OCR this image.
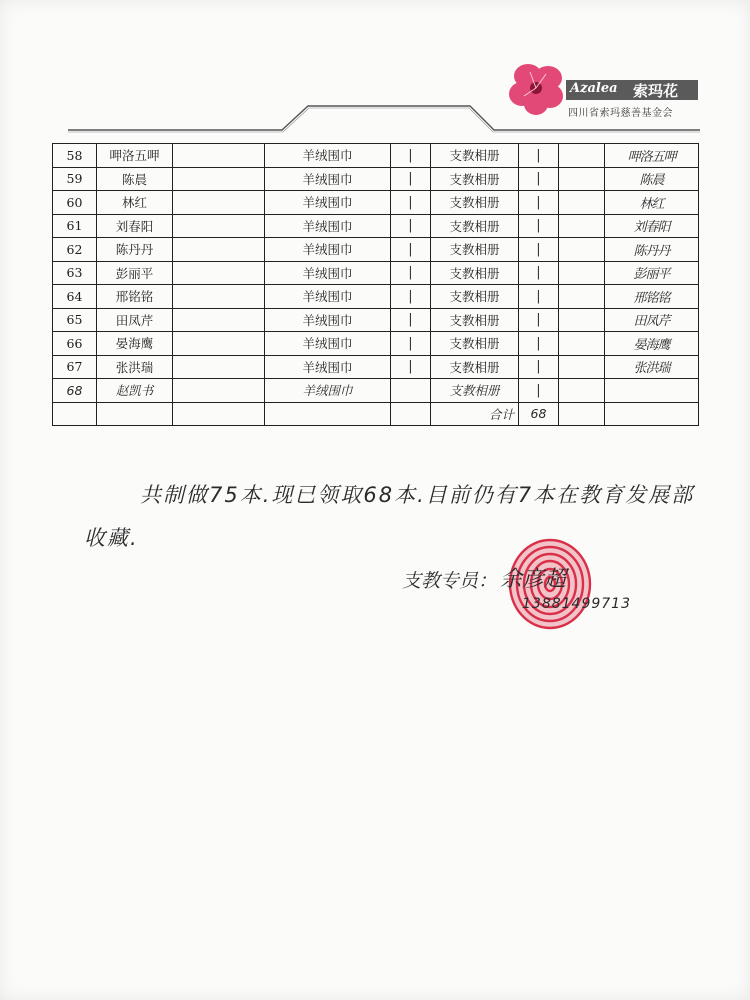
Azalea 索玛花
四川省索玛慈善基金会
58	呷洛五呷		羊绒围巾	|	支教相册	|		呷洛五呷
59	陈晨		羊绒围巾	|	支教相册	|		陈晨
60	林红		羊绒围巾	|	支教相册	|		林红
61	刘春阳		羊绒围巾	|	支教相册	|		刘春阳
62	陈丹丹		羊绒围巾	|	支教相册	|		陈丹丹
63	彭丽平		羊绒围巾	|	支教相册	|		彭丽平
64	邢铭铭		羊绒围巾	|	支教相册	|		邢铭铭
65	田凤芹		羊绒围巾	|	支教相册	|		田凤芹
66	晏海鹰		羊绒围巾	|	支教相册	|		晏海鹰
67	张洪瑞		羊绒围巾	|	支教相册	|		张洪瑞
68	赵凯书		羊绒围巾		支教相册	|		
					合计	68		
共制做75本.现已领取68本.目前仍有7本在教育发展部
收藏.
支教专员： 余彦超
13881499713
